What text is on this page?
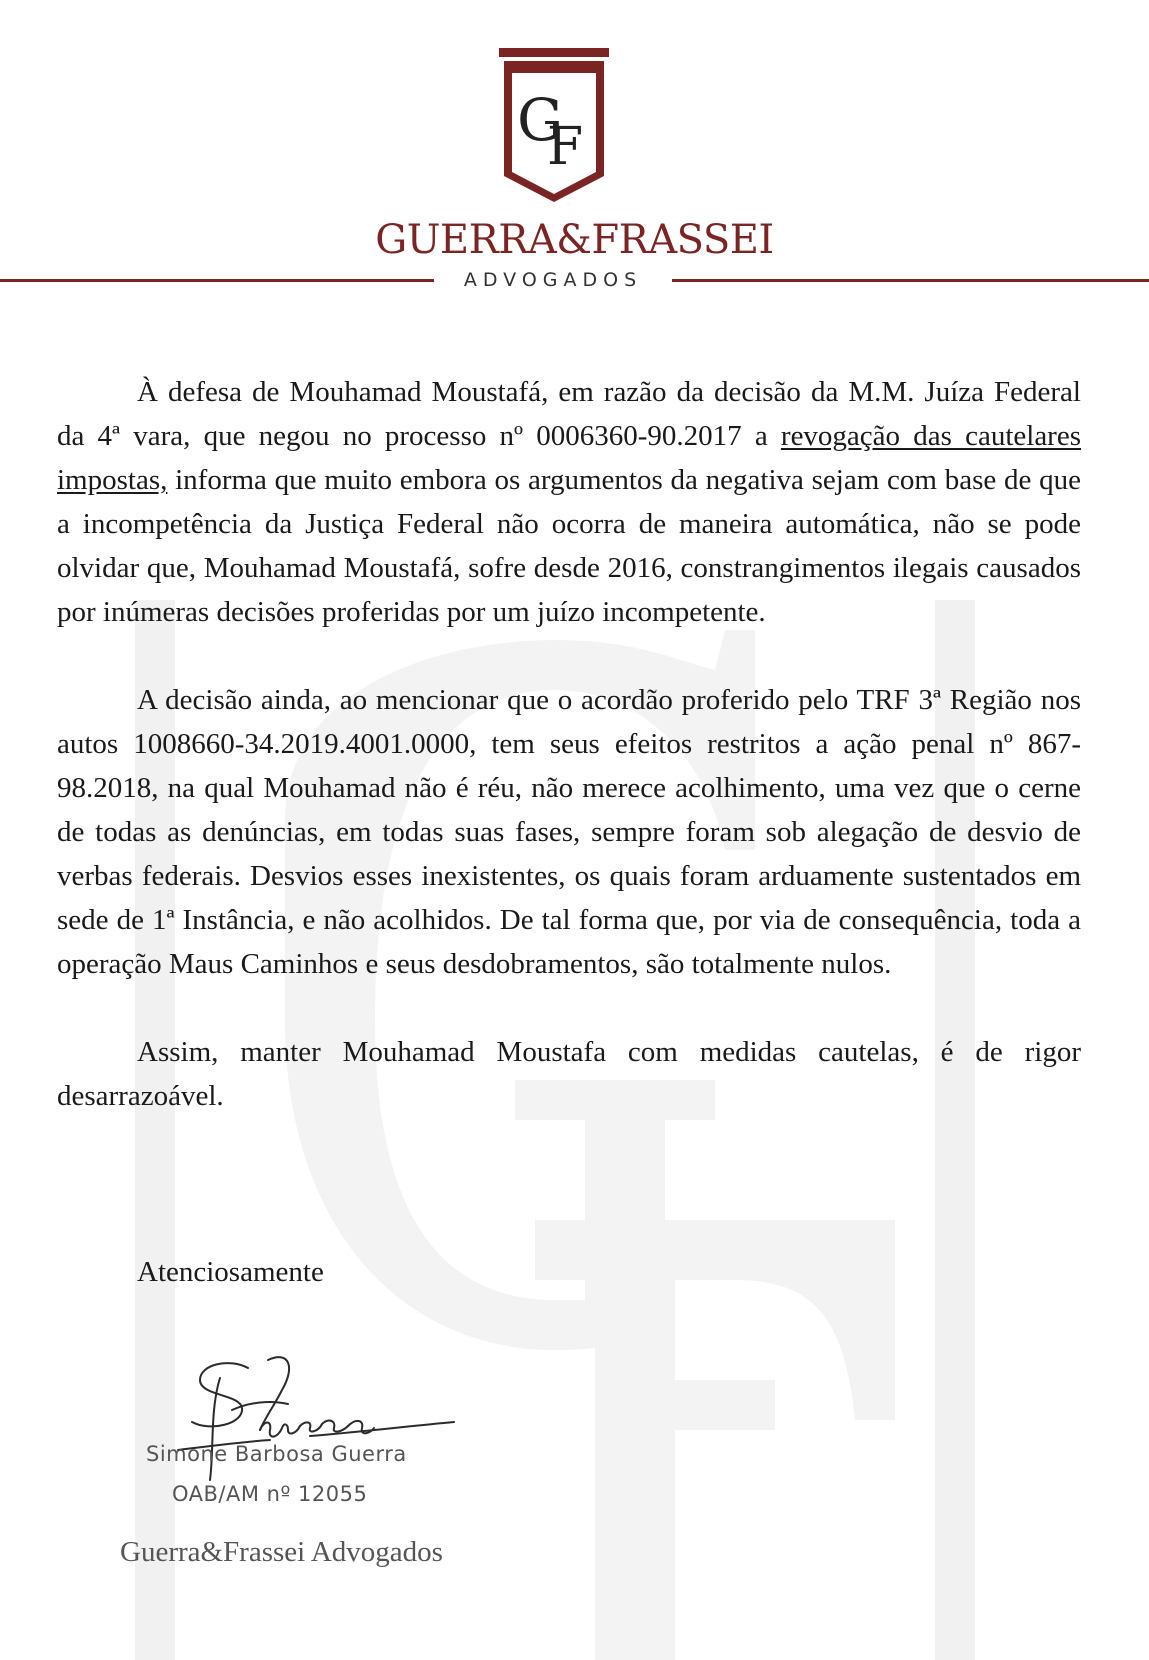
G
F
GUERRA&FRASSEI
ADVOGADOS

À defesa de Mouhamad Moustafá, em razão da decisão da M.M. Juíza Federal da 4ª vara, que negou no processo nº 0006360-90.2017 a revogação das cautelares impostas, informa que muito embora os argumentos da negativa sejam com base de que a incompetência da Justiça Federal não ocorra de maneira automática, não se pode olvidar que, Mouhamad Moustafá, sofre desde 2016, constrangimentos ilegais causados por inúmeras decisões proferidas por um juízo incompetente.

A decisão ainda, ao mencionar que o acordão proferido pelo TRF 3ª Região nos autos 1008660-34.2019.4001.0000, tem seus efeitos restritos a ação penal nº 867-98.2018, na qual Mouhamad não é réu, não merece acolhimento, uma vez que o cerne de todas as denúncias, em todas suas fases, sempre foram sob alegação de desvio de verbas federais. Desvios esses inexistentes, os quais foram arduamente sustentados em sede de 1ª Instância, e não acolhidos. De tal forma que, por via de consequência, toda a operação Maus Caminhos e seus desdobramentos, são totalmente nulos.

Assim, manter Mouhamad Moustafa com medidas cautelas, é de rigor desarrazoável.

Atenciosamente

Simone Barbosa Guerra
OAB/AM nº 12055

Guerra&Frassei Advogados
